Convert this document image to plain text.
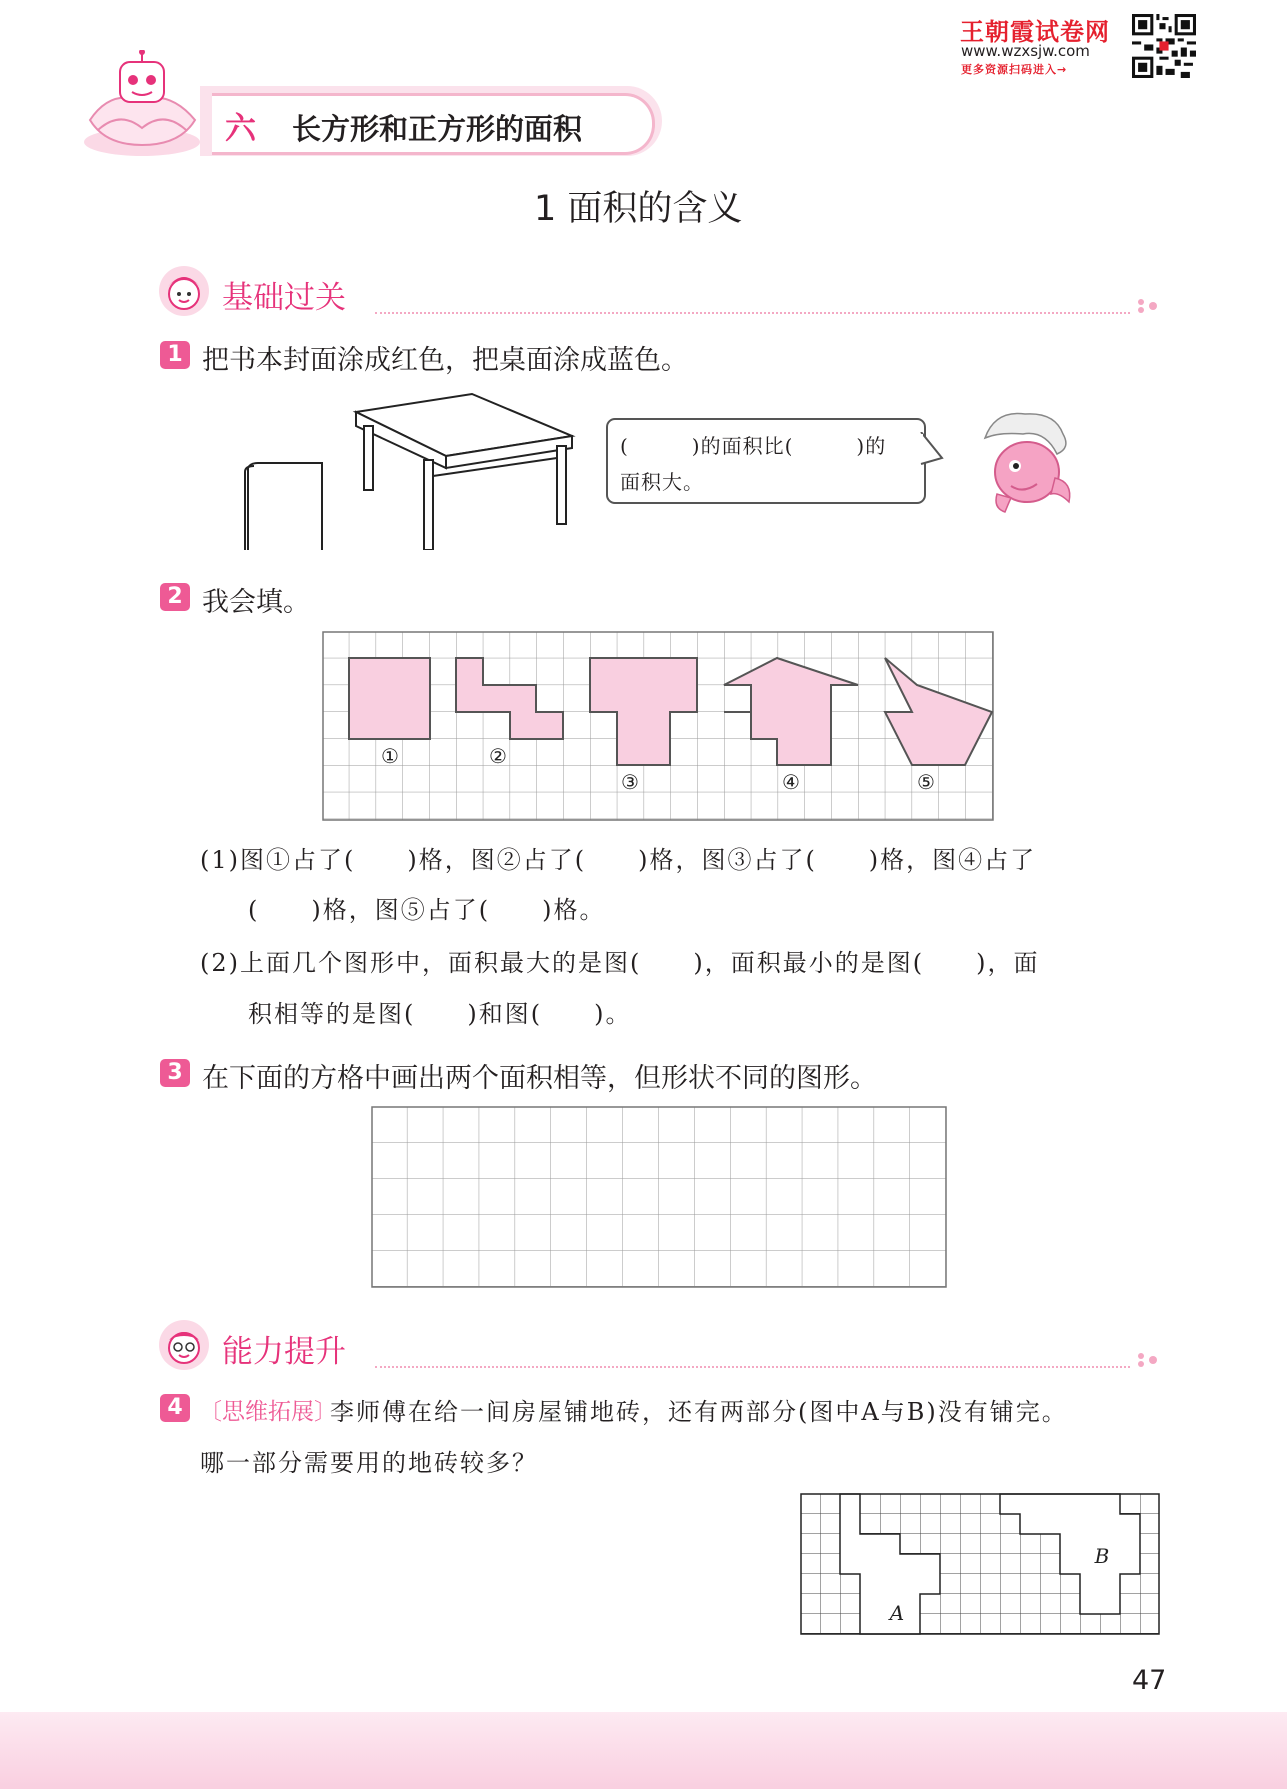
王朝霞试卷网
www.wzxsjw.com
更多资源扫码进入→
六 长方形和正方形的面积
1 面积的含义
基础过关
1 把书本封面涂成红色，把桌面涂成蓝色。
(　　　)的面积比(　　　)的
面积大。
2 我会填。
①	②
③	④	⑤
(1)图①占了(　　)格，图②占了(　　)格，图③占了(　　)格，图④占了
(　　)格，图⑤占了(　　)格。
(2)上面几个图形中，面积最大的是图(　　)，面积最小的是图(　　)，面
积相等的是图(　　)和图(　　)。
3 在下面的方格中画出两个面积相等，但形状不同的图形。
能力提升
4 〔思维拓展〕
李师傅在给一间房屋铺地砖，还有两部分(图中A与B)没有铺完。
哪一部分需要用的地砖较多？
A
B
47
